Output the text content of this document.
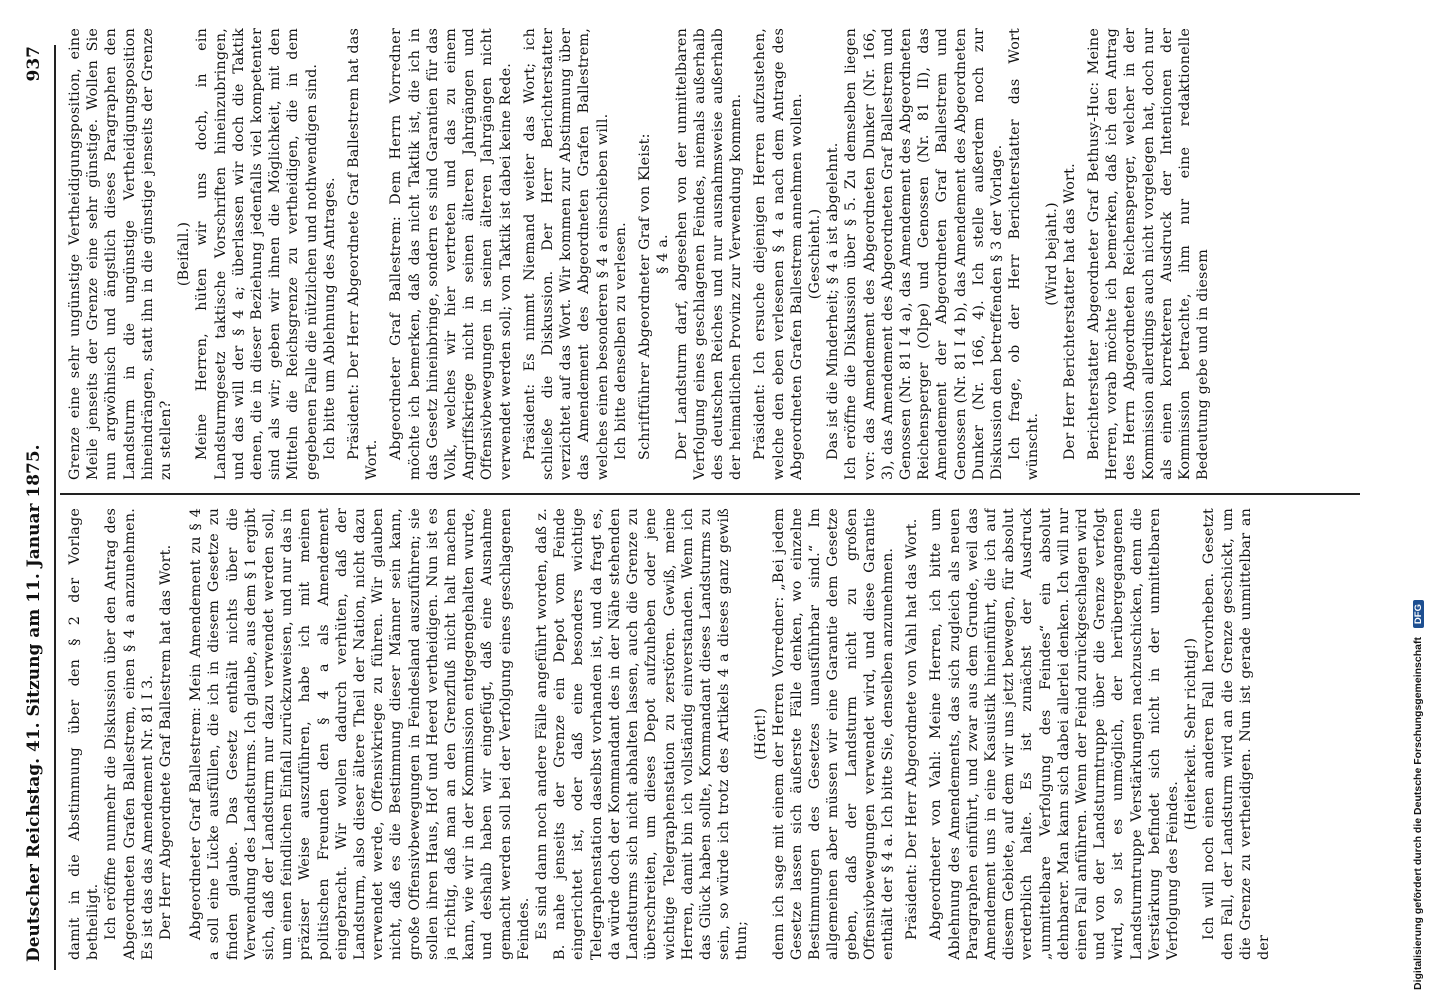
Deutscher Reichstag. 41. Sitzung am 11. Januar 1875.
937

damit in die Abstimmung über den § 2 der Vorlage betheiligt. Ich eröffne nunmehr die Diskussion über den Antrag des Abgeordneten Grafen Ballestrem, einen § 4 a anzunehmen. Es ist das das Amendement Nr. 81 I 3. Der Herr Abgeordnete Graf Ballestrem hat das Wort. Abgeordneter Graf Ballestrem: Mein Amendement zu § 4 a soll eine Lücke ausfüllen, die ich in diesem Gesetze zu finden glaube. Das Gesetz enthält nichts über die Verwendung des Landsturms. Ich glaube, aus dem § 1 ergibt sich, daß der Landsturm nur dazu verwendet werden soll, um einen feindlichen Einfall zurückzuweisen, und nur das in präziser Weise auszuführen, habe ich mit meinen politischen Freunden den § 4 a als Amendement eingebracht. Wir wollen dadurch verhüten, daß der Landsturm, also dieser ältere Theil der Nation, nicht dazu verwendet werde, Offensivkriege zu führen. Wir glauben nicht, daß es die Bestimmung dieser Männer sein kann, große Offensivbewegungen in Feindesland auszuführen; sie sollen ihren Haus, Hof und Heerd vertheidigen. Nun ist es ja richtig, daß man an den Grenzfluß nicht halt machen kann, wie wir in der Kommission entgegengehalten wurde, und deshalb haben wir eingefügt, daß eine Ausnahme gemacht werden soll bei der Verfolgung eines geschlagenen Feindes. Es sind dann noch andere Fälle angeführt worden, daß z. B. nahe jenseits der Grenze ein Depot vom Feinde eingerichtet ist, oder daß eine besonders wichtige Telegraphenstation daselbst vorhanden ist, und da fragt es, da würde doch der Kommandant des in der Nähe stehenden Landsturms sich nicht abhalten lassen, auch die Grenze zu überschreiten, um dieses Depot aufzuheben oder jene wichtige Telegraphenstation zu zerstören. Gewiß, meine Herren, damit bin ich vollständig einverstanden. Wenn ich das Glück haben sollte, Kommandant dieses Landsturms zu sein, so würde ich trotz des Artikels 4 a dieses ganz gewiß thun;

(Hört!) denn ich sage mit einem der Herren Vorredner: „Bei jedem Gesetze lassen sich äußerste Fälle denken, wo einzelne Bestimmungen des Gesetzes unausführbar sind.“ Im allgemeinen aber müssen wir eine Garantie dem Gesetze geben, daß der Landsturm nicht zu großen Offensivbewegungen verwendet wird, und diese Garantie enthält der § 4 a. Ich bitte Sie, denselben anzunehmen. Präsident: Der Herr Abgeordnete von Vahl hat das Wort. Abgeordneter von Vahl: Meine Herren, ich bitte um Ablehnung des Amendements, das sich zugleich als neuen Paragraphen einführt, und zwar aus dem Grunde, weil das Amendement uns in eine Kasuistik hineinführt, die ich auf diesem Gebiete, auf dem wir uns jetzt bewegen, für absolut verderblich halte. Es ist zunächst der Ausdruck „unmittelbare Verfolgung des Feindes“ ein absolut dehnbarer. Man kann sich dabei allerlei denken. Ich will nur einen Fall anführen. Wenn der Feind zurückgeschlagen wird und von der Landsturmtruppe über die Grenze verfolgt wird, so ist es unmöglich, der herübergegangenen Landsturmtruppe Verstärkungen nachzuschicken, denn die Verstärkung befindet sich nicht in der unmittelbaren Verfolgung des Feindes.

(Heiterkeit. Sehr richtig!) Ich will noch einen anderen Fall hervorheben. Gesetzt den Fall, der Landsturm wird an die Grenze geschickt, um die Grenze zu vertheidigen. Nun ist gerade unmittelbar an der

Grenze eine sehr ungünstige Vertheidigungsposition, eine Meile jenseits der Grenze eine sehr günstige. Wollen Sie nun argwöhnisch und ängstlich dieses Paragraphen den Landsturm in die ungünstige Vertheidigungsposition hineindrängen, statt ihn in die günstige jenseits der Grenze zu stellen?

(Beifall.) Meine Herren, hüten wir uns doch, in ein Landsturmgesetz taktische Vorschriften hineinzubringen, und das will der § 4 a; überlassen wir doch die Taktik denen, die in dieser Beziehung jedenfalls viel kompetenter sind als wir; geben wir ihnen die Möglichkeit, mit den Mitteln die Reichsgrenze zu vertheidigen, die in dem gegebenen Falle die nützlichen und nothwendigen sind. Ich bitte um Ablehnung des Antrages. Präsident: Der Herr Abgeordnete Graf Ballestrem hat das Wort. Abgeordneter Graf Ballestrem: Dem Herrn Vorredner möchte ich bemerken, daß das nicht Taktik ist, die ich in das Gesetz hineinbringe, sondern es sind Garantien für das Volk, welches wir hier vertreten und das zu einem Angriffskriege nicht in seinen älteren Jahrgängen und Offensivbewegungen in seinen älteren Jahrgängen nicht verwendet werden soll; von Taktik ist dabei keine Rede. Präsident: Es nimmt Niemand weiter das Wort; ich schließe die Diskussion. Der Herr Berichterstatter verzichtet auf das Wort. Wir kommen zur Abstimmung über das Amendement des Abgeordneten Grafen Ballestrem, welches einen besonderen § 4 a einschieben will. Ich bitte denselben zu verlesen. Schriftführer Abgeordneter Graf von Kleist: § 4 a. Der Landsturm darf, abgesehen von der unmittelbaren Verfolgung eines geschlagenen Feindes, niemals außerhalb des deutschen Reiches und nur ausnahmsweise außerhalb der heimatlichen Provinz zur Verwendung kommen. Präsident: Ich ersuche diejenigen Herren aufzustehen, welche den eben verlesenen § 4 a nach dem Antrage des Abgeordneten Grafen Ballestrem annehmen wollen. (Geschieht.) Das ist die Minderheit; § 4 a ist abgelehnt. Ich eröffne die Diskussion über § 5. Zu demselben liegen vor: das Amendement des Abgeordneten Dunker (Nr. 166, 3), das Amendement des Abgeordneten Graf Ballestrem und Genossen (Nr. 81 I 4 a), das Amendement des Abgeordneten Reichensperger (Olpe) und Genossen (Nr. 81 II), das Amendement der Abgeordneten Graf Ballestrem und Genossen (Nr. 81 I 4 b), das Amendement des Abgeordneten Dunker (Nr. 166, 4). Ich stelle außerdem noch zur Diskussion den betreffenden § 3 der Vorlage. Ich frage, ob der Herr Berichterstatter das Wort wünscht.

(Wird bejaht.) Der Herr Berichterstatter hat das Wort. Berichterstatter Abgeordneter Graf Bethusy-Huc: Meine Herren, vorab möchte ich bemerken, daß ich den Antrag des Herrn Abgeordneten Reichensperger, welcher in der Kommission allerdings auch nicht vorgelegen hat, doch nur als einen korrekteren Ausdruck der Intentionen der Kommission betrachte, ihm nur eine redaktionelle Bedeutung gebe und in diesem

Digitalisierung gefördert durch die Deutsche Forschungsgemeinschaft DFG
